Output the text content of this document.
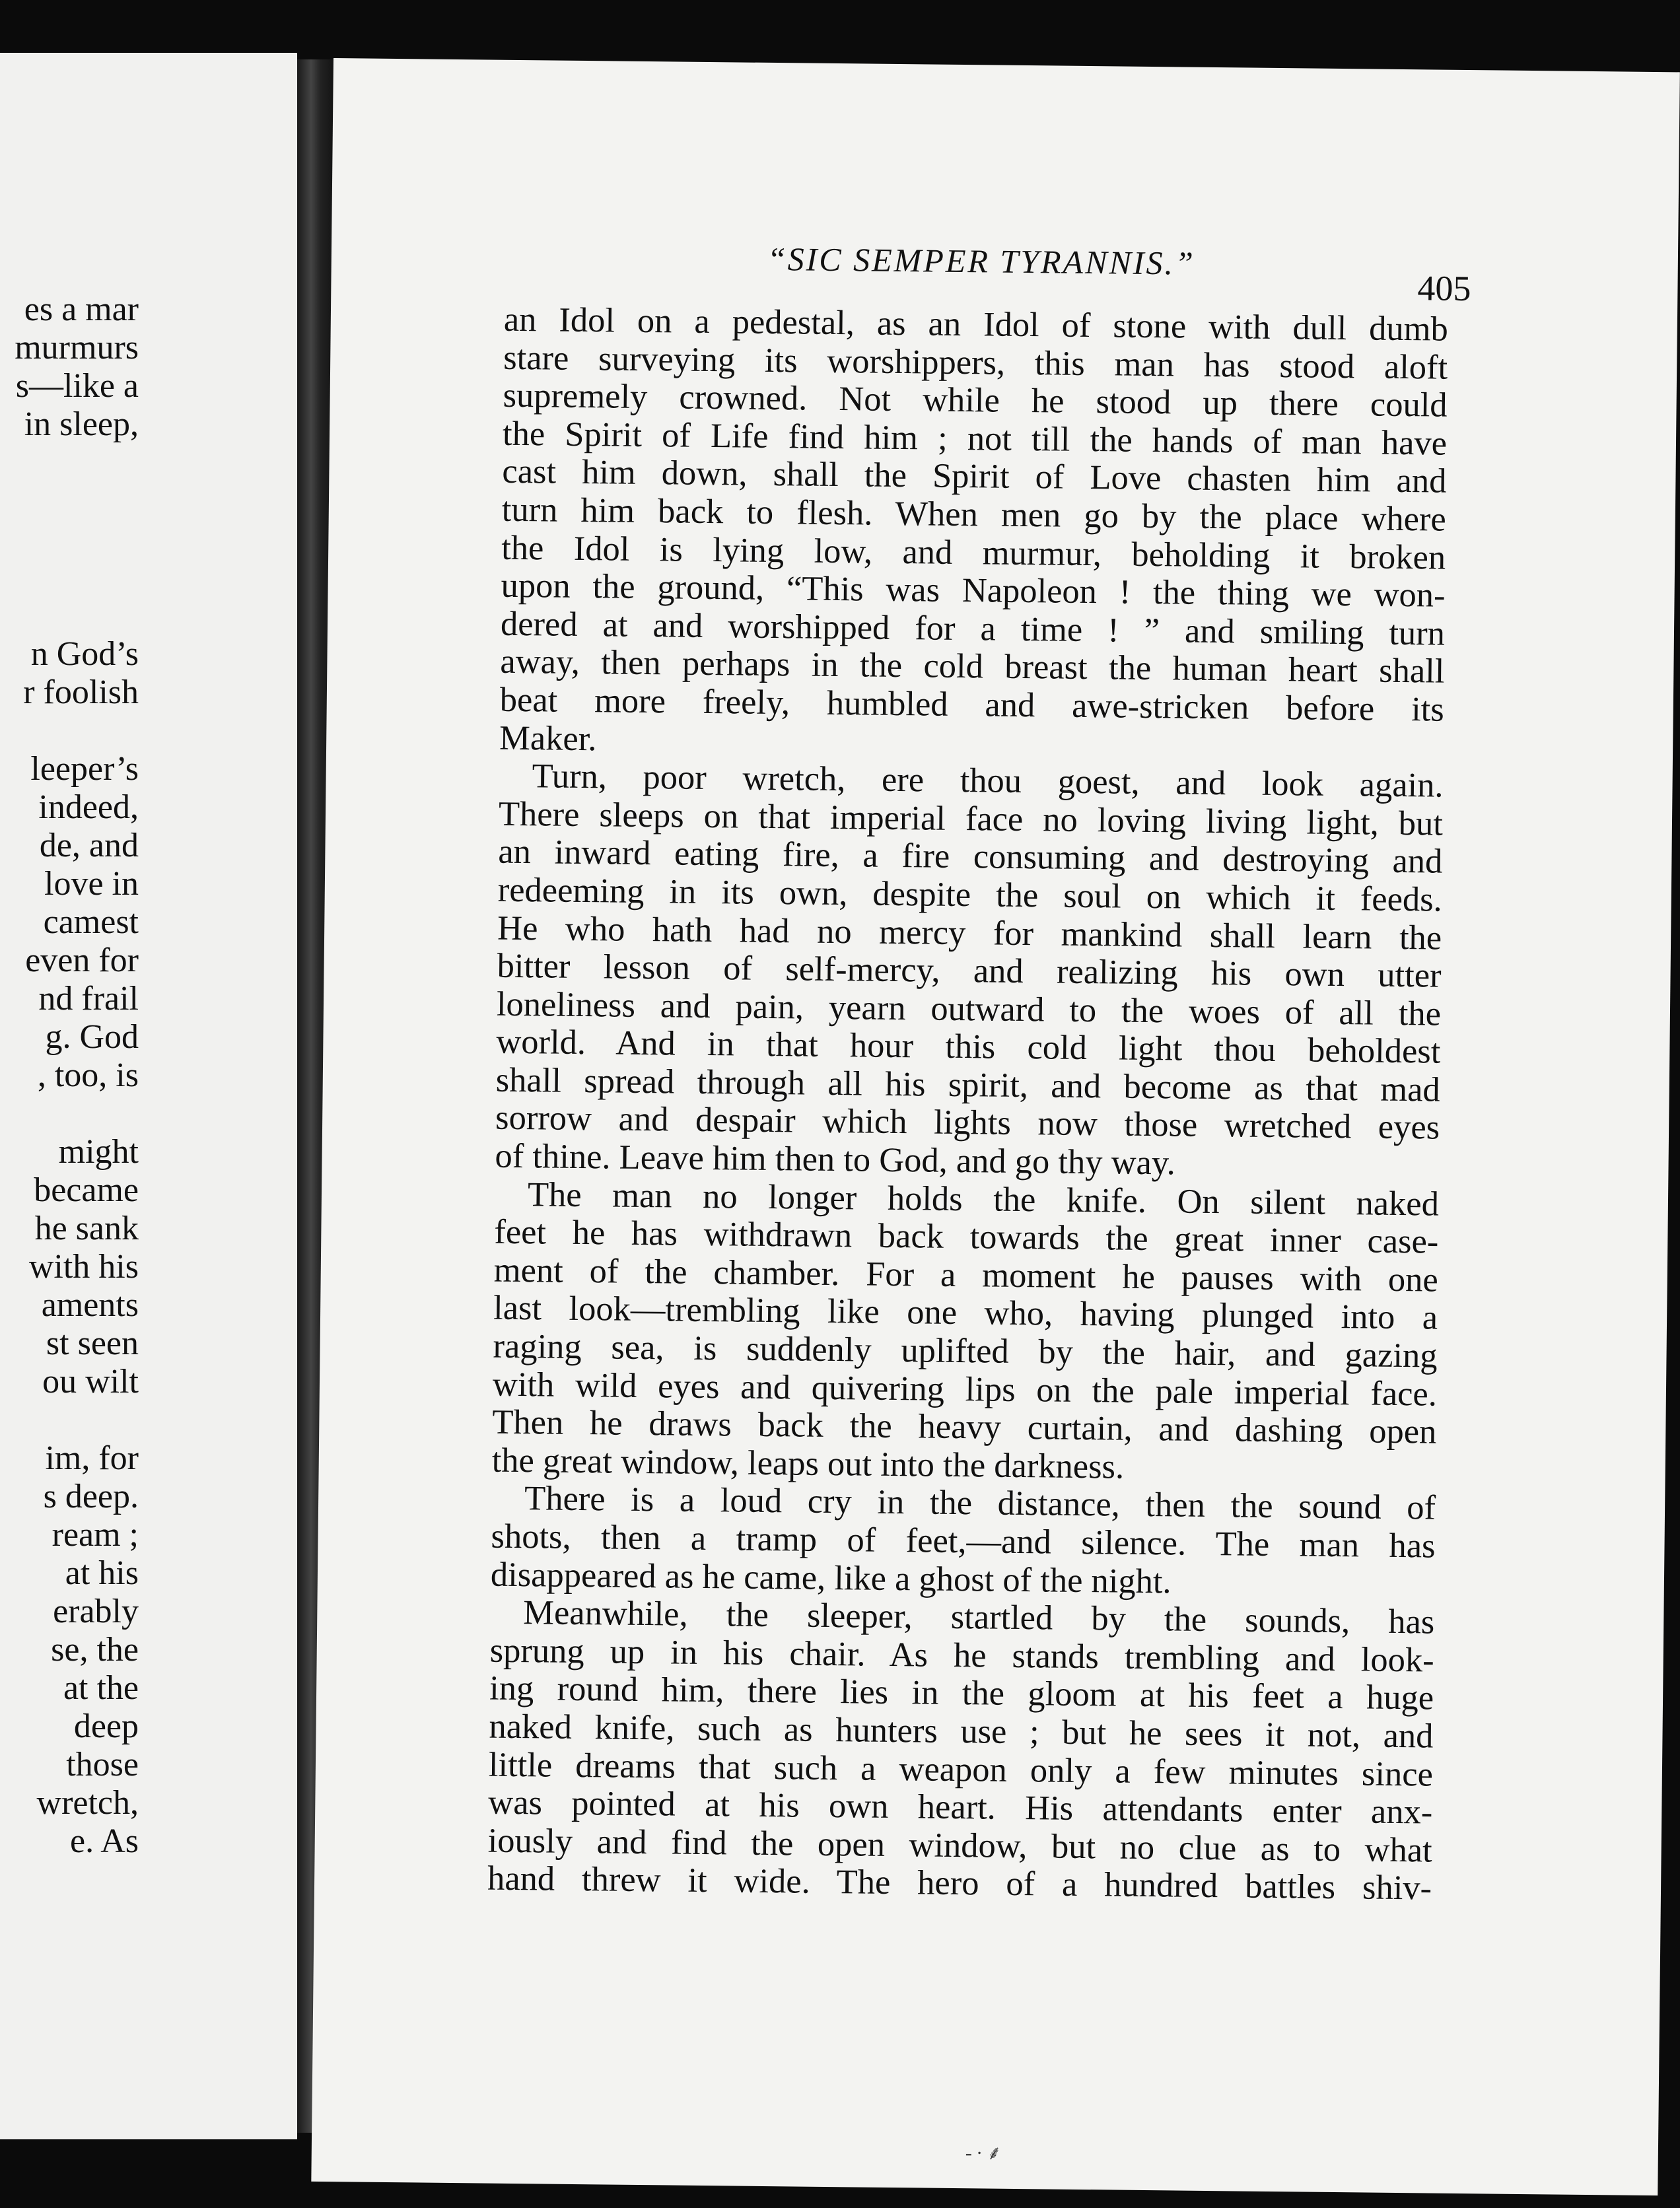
es a mar
murmurs
s—like a
in sleep,

n God’s
r foolish

leeper’s
indeed,
de, and
love in
camest
even for
nd frail
g. God
, too, is

might
became
he sank
with his
aments
st seen
ou wilt

im, for
s deep.
ream ;
at his
erably
se, the
at the
deep
those
wretch,
e. As
“SIC SEMPER TYRANNIS.”
405
an Idol on a pedestal, as an Idol of stone with dull dumb
stare surveying its worshippers, this man has stood aloft
supremely crowned. Not while he stood up there could
the Spirit of Life find him ; not till the hands of man have
cast him down, shall the Spirit of Love chasten him and
turn him back to flesh. When men go by the place where
the Idol is lying low, and murmur, beholding it broken
upon the ground, “This was Napoleon ! the thing we won-
dered at and worshipped for a time ! ” and smiling turn
away, then perhaps in the cold breast the human heart shall
beat more freely, humbled and awe-stricken before its
Maker.
Turn, poor wretch, ere thou goest, and look again.
There sleeps on that imperial face no loving living light, but
an inward eating fire, a fire consuming and destroying and
redeeming in its own, despite the soul on which it feeds.
He who hath had no mercy for mankind shall learn the
bitter lesson of self-mercy, and realizing his own utter
loneliness and pain, yearn outward to the woes of all the
world. And in that hour this cold light thou beholdest
shall spread through all his spirit, and become as that mad
sorrow and despair which lights now those wretched eyes
of thine. Leave him then to God, and go thy way.
The man no longer holds the knife. On silent naked
feet he has withdrawn back towards the great inner case-
ment of the chamber. For a moment he pauses with one
last look—trembling like one who, having plunged into a
raging sea, is suddenly uplifted by the hair, and gazing
with wild eyes and quivering lips on the pale imperial face.
Then he draws back the heavy curtain, and dashing open
the great window, leaps out into the darkness.
There is a loud cry in the distance, then the sound of
shots, then a tramp of feet,—and silence. The man has
disappeared as he came, like a ghost of the night.
Meanwhile, the sleeper, startled by the sounds, has
sprung up in his chair. As he stands trembling and look-
ing round him, there lies in the gloom at his feet a huge
naked knife, such as hunters use ; but he sees it not, and
little dreams that such a weapon only a few minutes since
was pointed at his own heart. His attendants enter anx-
iously and find the open window, but no clue as to what
hand threw it wide. The hero of a hundred battles shiv-
- ∙ ⸙
